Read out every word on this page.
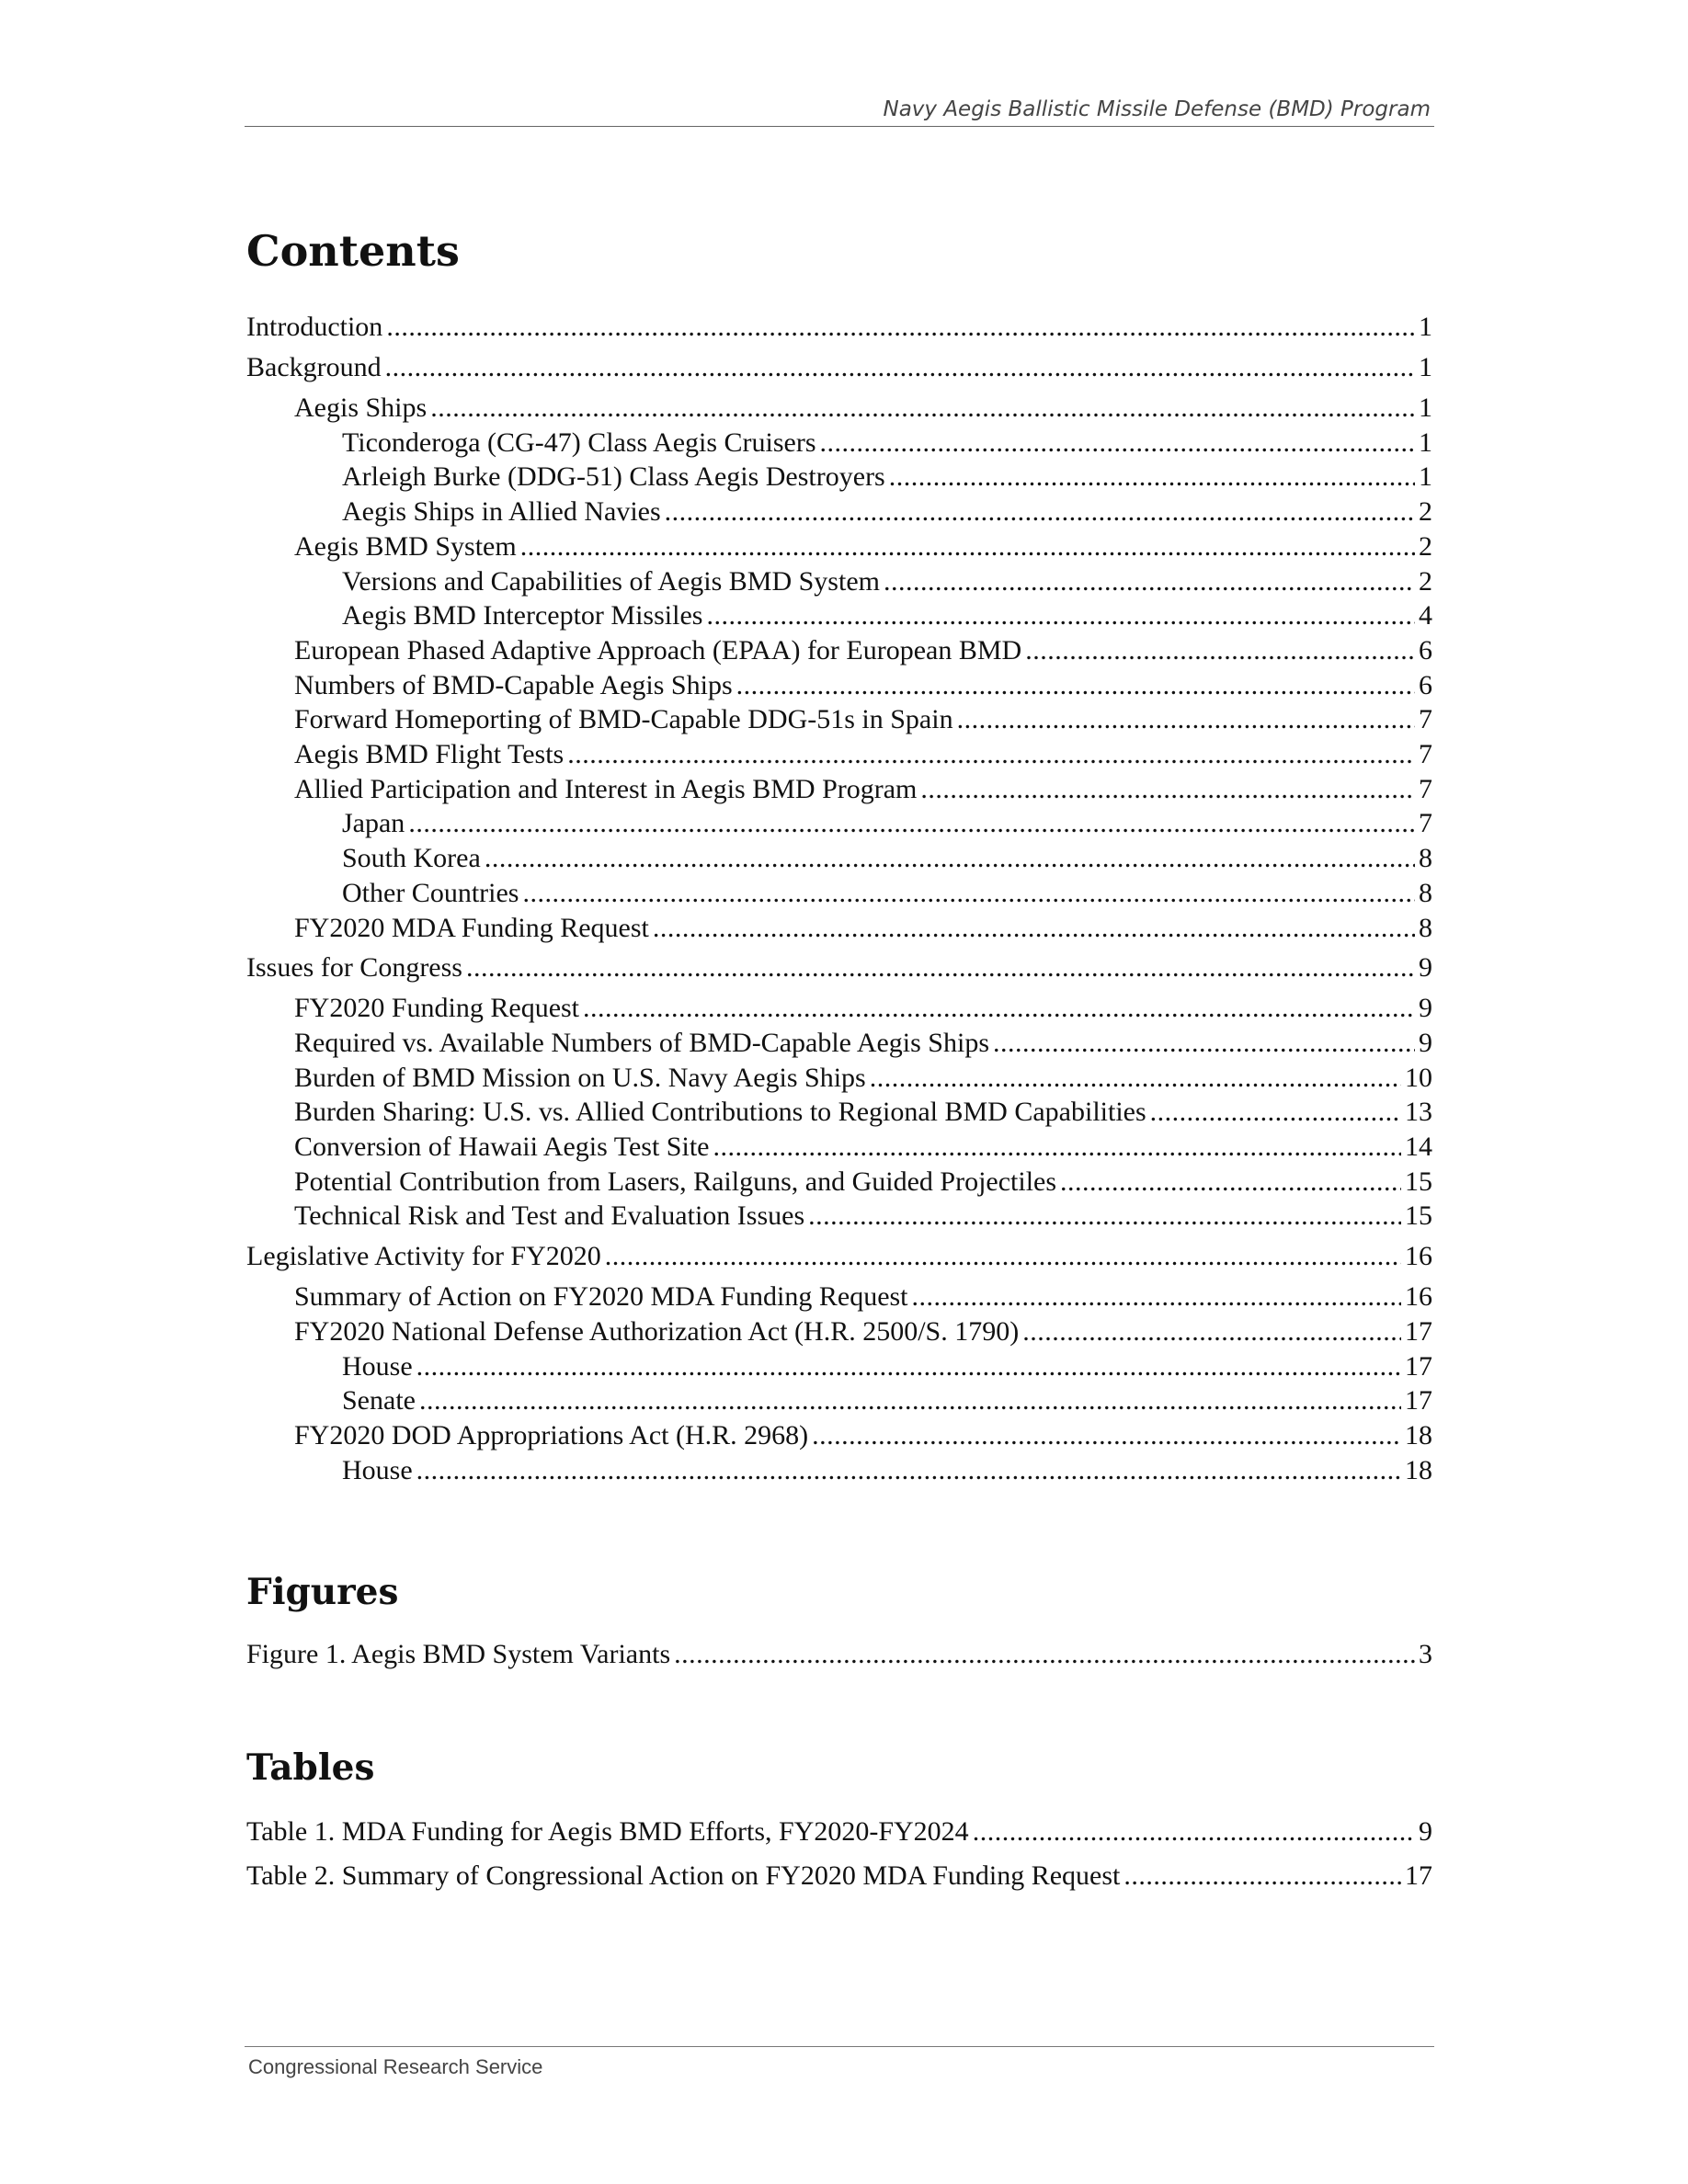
Navy Aegis Ballistic Missile Defense (BMD) Program
Contents
Introduction .....	1
Background .....	1
Aegis Ships .....	1
Ticonderoga (CG-47) Class Aegis Cruisers .....	1
Arleigh Burke (DDG-51) Class Aegis Destroyers .....	1
Aegis Ships in Allied Navies .....	2
Aegis BMD System .....	2
Versions and Capabilities of Aegis BMD System .....	2
Aegis BMD Interceptor Missiles .....	4
European Phased Adaptive Approach (EPAA) for European BMD .....	6
Numbers of BMD-Capable Aegis Ships .....	6
Forward Homeporting of BMD-Capable DDG-51s in Spain .....	7
Aegis BMD Flight Tests .....	7
Allied Participation and Interest in Aegis BMD Program .....	7
Japan .....	7
South Korea .....	8
Other Countries .....	8
FY2020 MDA Funding Request .....	8
Issues for Congress .....	9
FY2020 Funding Request .....	9
Required vs. Available Numbers of BMD-Capable Aegis Ships .....	9
Burden of BMD Mission on U.S. Navy Aegis Ships .....	10
Burden Sharing: U.S. vs. Allied Contributions to Regional BMD Capabilities .....	13
Conversion of Hawaii Aegis Test Site .....	14
Potential Contribution from Lasers, Railguns, and Guided Projectiles .....	15
Technical Risk and Test and Evaluation Issues .....	15
Legislative Activity for FY2020 .....	16
Summary of Action on FY2020 MDA Funding Request .....	16
FY2020 National Defense Authorization Act (H.R. 2500/S. 1790) .....	17
House .....	17
Senate .....	17
FY2020 DOD Appropriations Act (H.R. 2968) .....	18
House .....	18
Figures
Figure 1. Aegis BMD System Variants .....	3
Tables
Table 1. MDA Funding for Aegis BMD Efforts, FY2020-FY2024 .....	9
Table 2. Summary of Congressional Action on FY2020 MDA Funding Request .....	17
Congressional Research Service
